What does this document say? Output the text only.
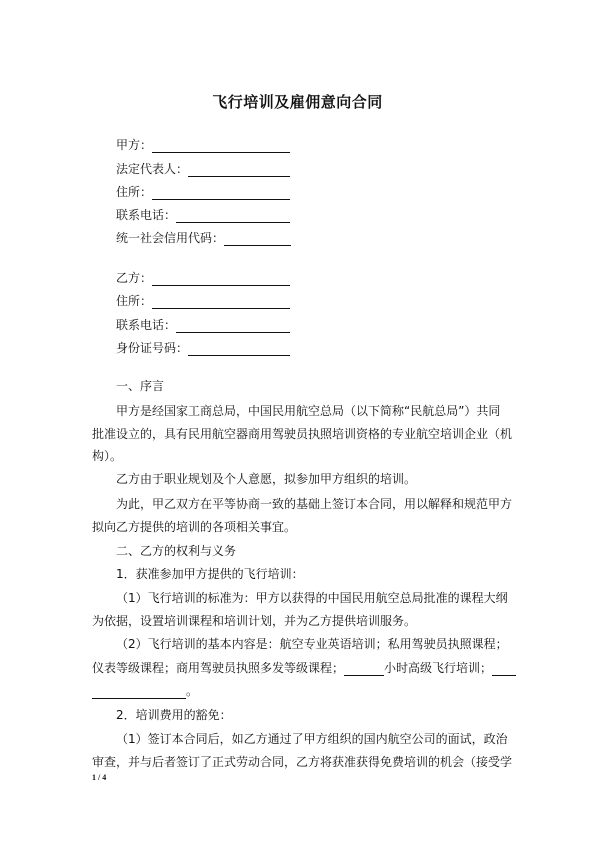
飞行培训及雇佣意向合同
甲方：
法定代表人：
住所：
联系电话：
统一社会信用代码：
乙方：
住所：
联系电话：
身份证号码：
一、序言
甲方是经国家工商总局，中国民用航空总局（以下简称“民航总局”）共同
批准设立的，具有民用航空器商用驾驶员执照培训资格的专业航空培训企业（机
构）。
乙方由于职业规划及个人意愿，拟参加甲方组织的培训。
为此，甲乙双方在平等协商一致的基础上签订本合同，用以解释和规范甲方
拟向乙方提供的培训的各项相关事宜。
二、乙方的权利与义务
1．获准参加甲方提供的飞行培训：
（1）飞行培训的标准为：甲方以获得的中国民用航空总局批准的课程大纲
为依据，设置培训课程和培训计划，并为乙方提供培训服务。
（2）飞行培训的基本内容是：航空专业英语培训；私用驾驶员执照课程；
仪表等级课程；商用驾驶员执照多发等级课程；	小时高级飞行培训；
。
2．培训费用的豁免：
（1）签订本合同后，如乙方通过了甲方组织的国内航空公司的面试，政治
审查，并与后者签订了正式劳动合同，乙方将获准获得免费培训的机会（接受学
1 / 4
